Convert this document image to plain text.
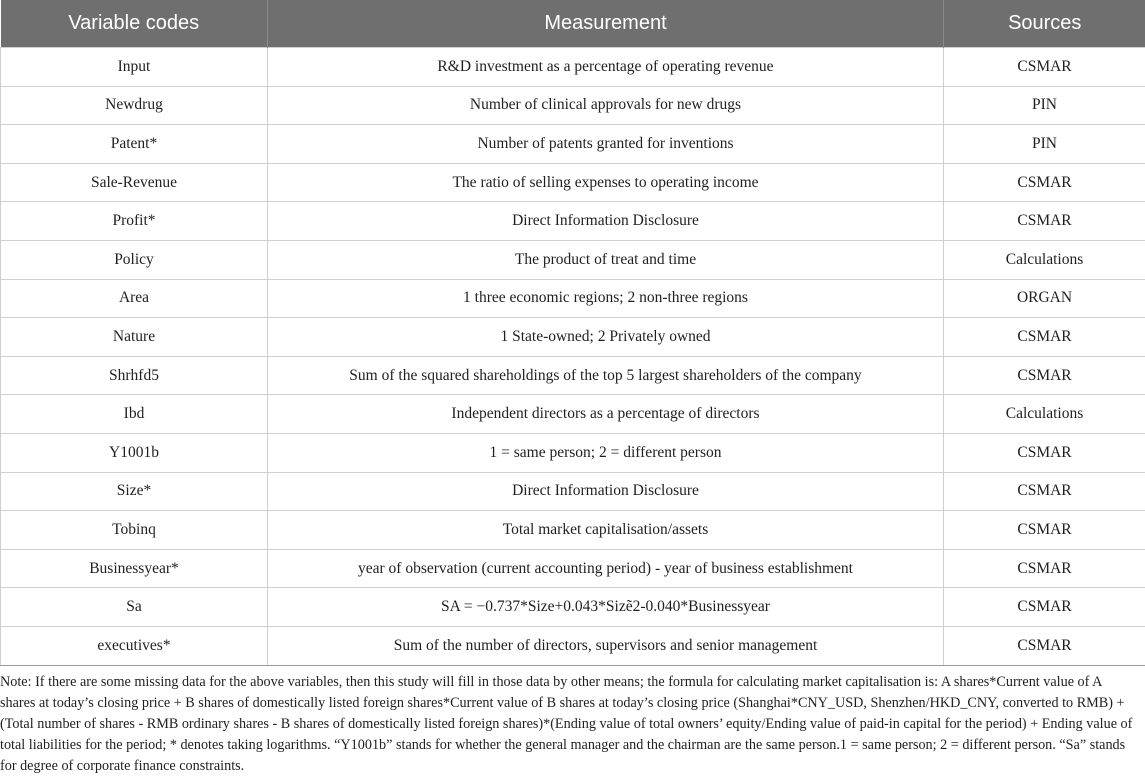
Variable codes	Measurement	Sources
Input	R&D investment as a percentage of operating revenue	CSMAR
Newdrug	Number of clinical approvals for new drugs	PIN
Patent*	Number of patents granted for inventions	PIN
Sale-Revenue	The ratio of selling expenses to operating income	CSMAR
Profit*	Direct Information Disclosure	CSMAR
Policy	The product of treat and time	Calculations
Area	1 three economic regions; 2 non-three regions	ORGAN
Nature	1 State-owned; 2 Privately owned	CSMAR
Shrhfd5	Sum of the squared shareholdings of the top 5 largest shareholders of the company	CSMAR
Ibd	Independent directors as a percentage of directors	Calculations
Y1001b	1 = same person; 2 = different person	CSMAR
Size*	Direct Information Disclosure	CSMAR
Tobinq	Total market capitalisation/assets	CSMAR
Businessyear*	year of observation (current accounting period) - year of business establishment	CSMAR
Sa	SA = −0.737*Size+0.043*Sizẽ2-0.040*Businessyear	CSMAR
executives*	Sum of the number of directors, supervisors and senior management	CSMAR

Note: If there are some missing data for the above variables, then this study will fill in those data by other means; the formula for calculating market capitalisation is: A shares*Current value of A shares at today’s closing price + B shares of domestically listed foreign shares*Current value of B shares at today’s closing price (Shanghai*CNY_USD, Shenzhen/HKD_CNY, converted to RMB) + (Total number of shares - RMB ordinary shares - B shares of domestically listed foreign shares)*(Ending value of total owners’ equity/Ending value of paid-in capital for the period) + Ending value of total liabilities for the period; * denotes taking logarithms. “Y1001b” stands for whether the general manager and the chairman are the same person.1 = same person; 2 = different person. “Sa” stands for degree of corporate finance constraints.
